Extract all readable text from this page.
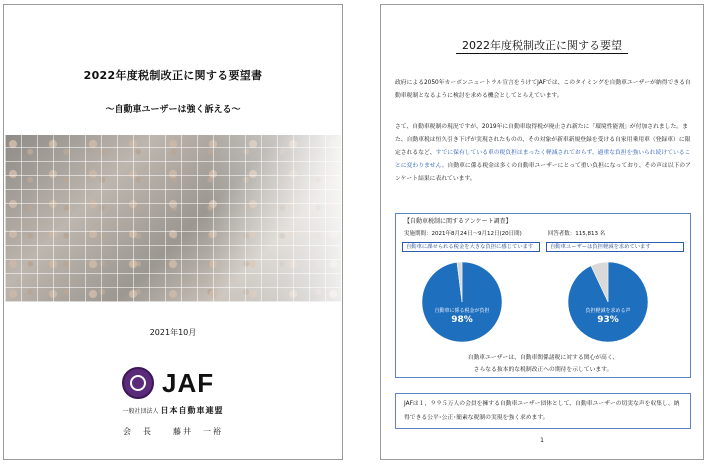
2022年度税制改正に関する要望書
〜自動車ユーザーは強く訴える〜
2021年10月
JAF
一般社団法人 日本自動車連盟
会　長　　藤井　一裕
2022年度税制改正に関する要望
政府による2050年カーボンニュートラル宣言をうけてJAFでは、このタイミングを自動車ユーザーが納得できる自動車税制となるように検討を求める機会としてとらえています。
さて、自動車税制の現況ですが、2019年に自動車取得税が廃止され新たに「環境性能割」が付加されました。また、自動車税は恒久引き下げが実現されたものの、その対象が新車新規登録を受ける自家用乗用車（登録車）に限定されるなど、すでに保有している車の税負担はまったく軽減されておらず、過重な負担を強いられ続けていることに変わりません。自動車に係る税金は多くの自動車ユーザーにとって重い負担になっており、その声は以下のアンケート結果に表れています。
【自動車税制に関するアンケート調査】
実施期間：2021年8月24日〜9月12日(20日間)	回答者数：115,813 名
自動車に課せられる税金を大きな負担に感じています	自動車ユーザーは負担軽減を求めています
自動車に係る税金が負担
98%
負担軽減を求める声
93%
自動車ユーザーは、自動車関係諸税に対する関心が高く、
さらなる抜本的な税制改正への期待を示しています。
JAFは１，９９５万人の会員を擁する自動車ユーザー団体として、自動車ユーザーの切実な声を収集し、納得できる公平･公正･簡素な税制の実現を強く求めます。
1
